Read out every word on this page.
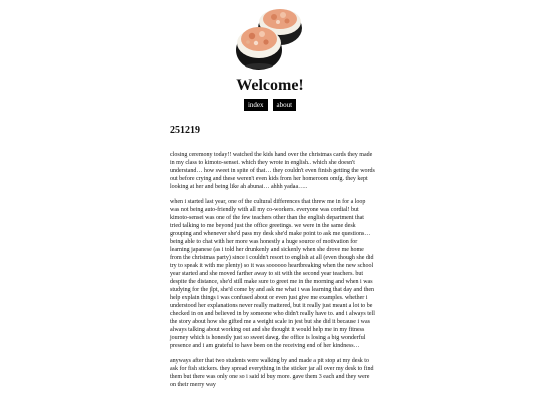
Welcome!
index	about
251219

closing ceremony today!! watched the kids hand over the christmas cards they made in my class to kimoto-sensei. which they wrote in english.. which she doesn't understand… how sweet in spite of that… they couldn't even finish getting the words out before crying and these weren't even kids from her homeroom omfg. they kept looking at her and being like ah abunai… ahhh yadaa…..

when i started last year, one of the cultural differences that threw me in for a loop was not being auto-friendly with all my co-workers. everyone was cordial! but kimoto-sensei was one of the few teachers other than the english department that tried talking to me beyond just the office greetings. we were in the same desk grouping and whenever she'd pass my desk she'd make point to ask me questions… being able to chat with her more was honestly a huge source of motivation for learning japanese (as i told her drunkenly and sickenly when she drove me home from the christmas party) since i couldn't resort to english at all (even though she did try to speak it with me plenty) so it was soooooo heartbreaking when the new school year started and she moved farther away to sit with the second year teachers. but despite the distance, she'd still make sure to greet me in the morning and when i was studying for the jlpt, she'd come by and ask me what i was learning that day and then help explain things i was confused about or even just give me examples. whether i understood her explanations never really mattered, but it really just meant a lot to be checked in on and believed in by someone who didn't really have to. and i always tell the story about how she gifted me a weight scale in jest but she did it because i was always talking about working out and she thought it would help me in my fitness journey which is honestly just so sweet dawg. the office is losing a big wonderful presence and i am grateful to have been on the receiving end of her kindness…

anyways after that two students were walking by and made a pit stop at my desk to ask for fish stickers. they spread everything in the sticker jar all over my desk to find them but there was only one so i said id buy more. gave them 3 each and they were on their merry way
